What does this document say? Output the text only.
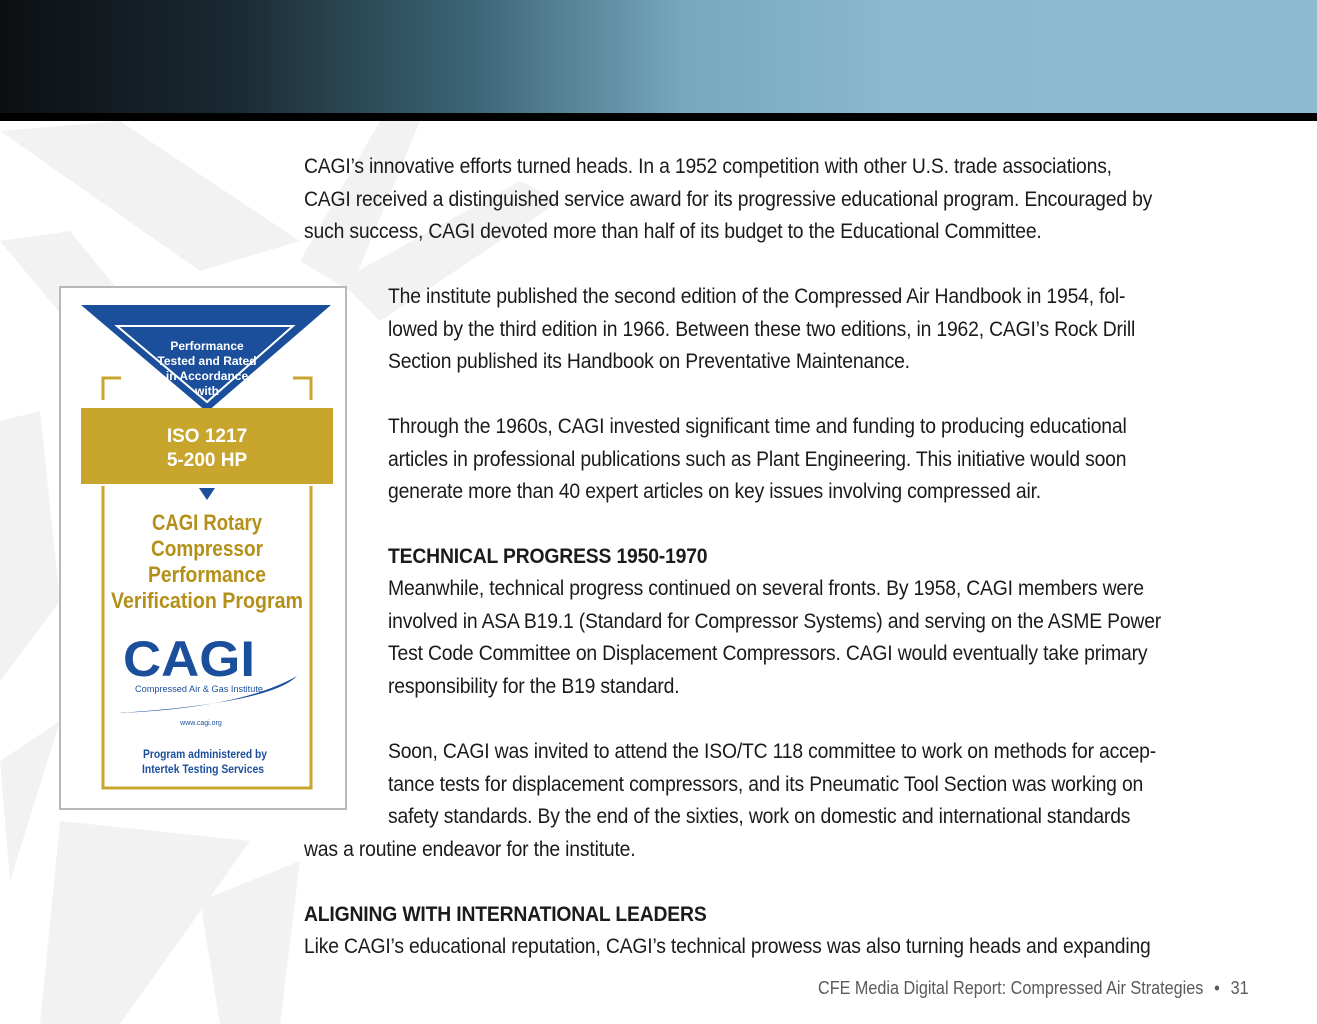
CAGI’s innovative efforts turned heads. In a 1952 competition with other U.S. trade associations,
CAGI received a distinguished service award for its progressive educational program. Encouraged by
such success, CAGI devoted more than half of its budget to the Educational Committee.
The institute published the second edition of the Compressed Air Handbook in 1954, fol-
lowed by the third edition in 1966. Between these two editions, in 1962, CAGI’s Rock Drill
Section published its Handbook on Preventative Maintenance.
Through the 1960s, CAGI invested significant time and funding to producing educational
articles in professional publications such as Plant Engineering. This initiative would soon
generate more than 40 expert articles on key issues involving compressed air.
TECHNICAL PROGRESS 1950-1970
Meanwhile, technical progress continued on several fronts. By 1958, CAGI members were
involved in ASA B19.1 (Standard for Compressor Systems) and serving on the ASME Power
Test Code Committee on Displacement Compressors. CAGI would eventually take primary
responsibility for the B19 standard.
Soon, CAGI was invited to attend the ISO/TC 118 committee to work on methods for accep-
tance tests for displacement compressors, and its Pneumatic Tool Section was working on
safety standards. By the end of the sixties, work on domestic and international standards
was a routine endeavor for the institute.
ALIGNING WITH INTERNATIONAL LEADERS
Like CAGI’s educational reputation, CAGI’s technical prowess was also turning heads and expanding
CFE Media Digital Report: Compressed Air Strategies • 31
Performance
Tested and Rated
in Accordance
with
ISO 1217
5-200 HP
CAGI Rotary
Compressor
Performance
Verification Program
CAGI
Compressed Air & Gas Institute
www.cagi.org
Program administered by
Intertek Testing Services
